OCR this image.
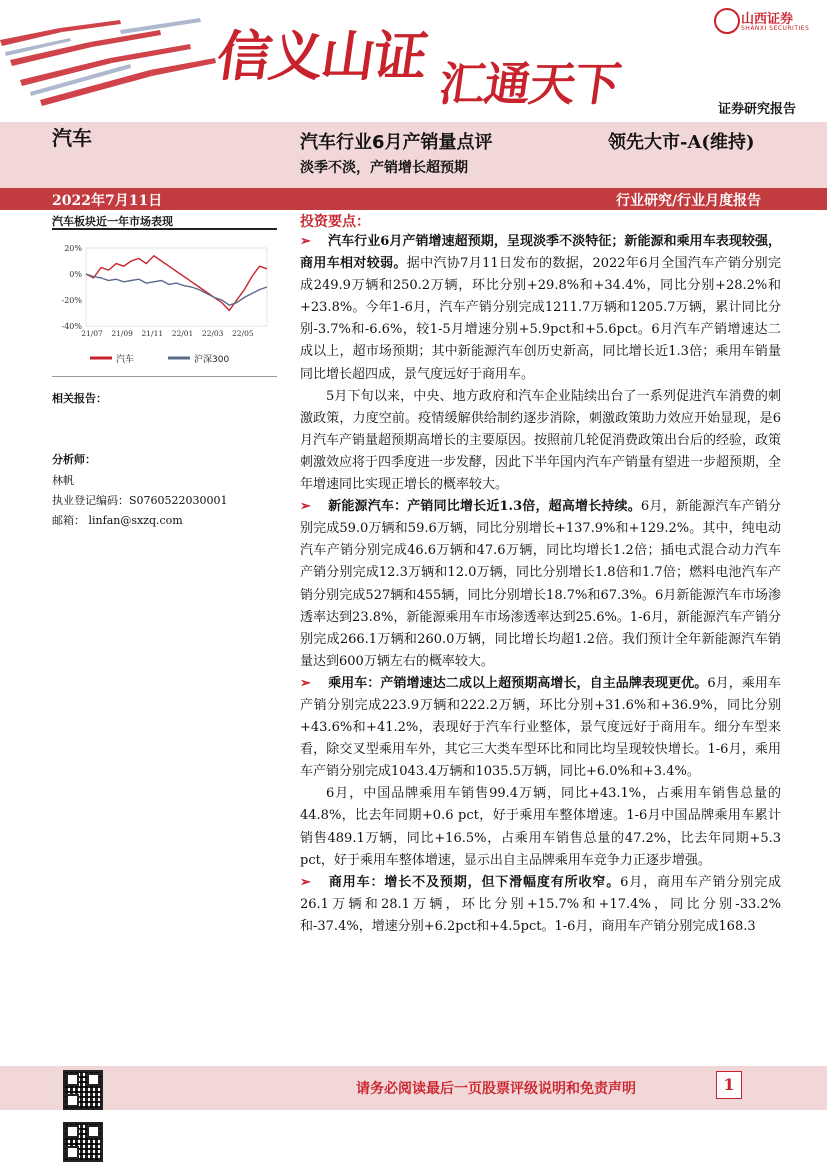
信义山证 汇通天下
山西证券
SHANXI SECURITIES
证券研究报告
汽车	汽车行业6月产销量点评	领先大市-A(维持)
淡季不淡，产销增长超预期
2022年7月11日	行业研究/行业月度报告
汽车板块近一年市场表现
20%
0%
-20%
-40%
21/07 21/09 21/11 22/01 22/03 22/05
汽车	沪深300
相关报告：
分析师：
林帆
执业登记编码：S0760522030001
邮箱： linfan@sxzq.com
投资要点：

➢ 汽车行业6月产销增速超预期，呈现淡季不淡特征；新能源和乘用车表现较强，商用车相对较弱。据中汽协7月11日发布的数据，2022年6月全国汽车产销分别完成249.9万辆和250.2万辆，环比分别+29.8%和+34.4%，同比分别+28.2%和+23.8%。今年1-6月，汽车产销分别完成1211.7万辆和1205.7万辆，累计同比分别-3.7%和-6.6%，较1-5月增速分别+5.9pct和+5.6pct。6月汽车产销增速达二成以上，超市场预期；其中新能源汽车创历史新高，同比增长近1.3倍；乘用车销量同比增长超四成，景气度远好于商用车。

5月下旬以来，中央、地方政府和汽车企业陆续出台了一系列促进汽车消费的刺激政策，力度空前。疫情缓解供给制约逐步消除，刺激政策助力效应开始显现，是6月汽车产销量超预期高增长的主要原因。按照前几轮促消费政策出台后的经验，政策刺激效应将于四季度进一步发酵，因此下半年国内汽车产销量有望进一步超预期，全年增速同比实现正增长的概率较大。

➢ 新能源汽车：产销同比增长近1.3倍，超高增长持续。6月，新能源汽车产销分别完成59.0万辆和59.6万辆，同比分别增长+137.9%和+129.2%。其中，纯电动汽车产销分别完成46.6万辆和47.6万辆，同比均增长1.2倍；插电式混合动力汽车产销分别完成12.3万辆和12.0万辆，同比分别增长1.8倍和1.7倍；燃料电池汽车产销分别完成527辆和455辆，同比分别增长18.7%和67.3%。6月新能源汽车市场渗透率达到23.8%，新能源乘用车市场渗透率达到25.6%。1-6月，新能源汽车产销分别完成266.1万辆和260.0万辆，同比增长均超1.2倍。我们预计全年新能源汽车销量达到600万辆左右的概率较大。

➢ 乘用车：产销增速达二成以上超预期高增长，自主品牌表现更优。6月，乘用车产销分别完成223.9万辆和222.2万辆，环比分别+31.6%和+36.9%，同比分别+43.6%和+41.2%，表现好于汽车行业整体，景气度远好于商用车。细分车型来看，除交叉型乘用车外，其它三大类车型环比和同比均呈现较快增长。1-6月，乘用车产销分别完成1043.4万辆和1035.5万辆，同比+6.0%和+3.4%。

6月，中国品牌乘用车销售99.4万辆，同比+43.1%，占乘用车销售总量的44.8%，比去年同期+0.6 pct，好于乘用车整体增速。1-6月中国品牌乘用车累计销售489.1万辆，同比+16.5%，占乘用车销售总量的47.2%，比去年同期+5.3 pct，好于乘用车整体增速，显示出自主品牌乘用车竞争力正逐步增强。

➢ 商用车：增长不及预期，但下滑幅度有所收窄。6月，商用车产销分别完成26.1万辆和28.1万辆，环比分别+15.7%和+17.4%，同比分别-33.2%和-37.4%，增速分别+6.2pct和+4.5pct。1-6月，商用车产销分别完成168.3

请务必阅读最后一页股票评级说明和免责声明	1
